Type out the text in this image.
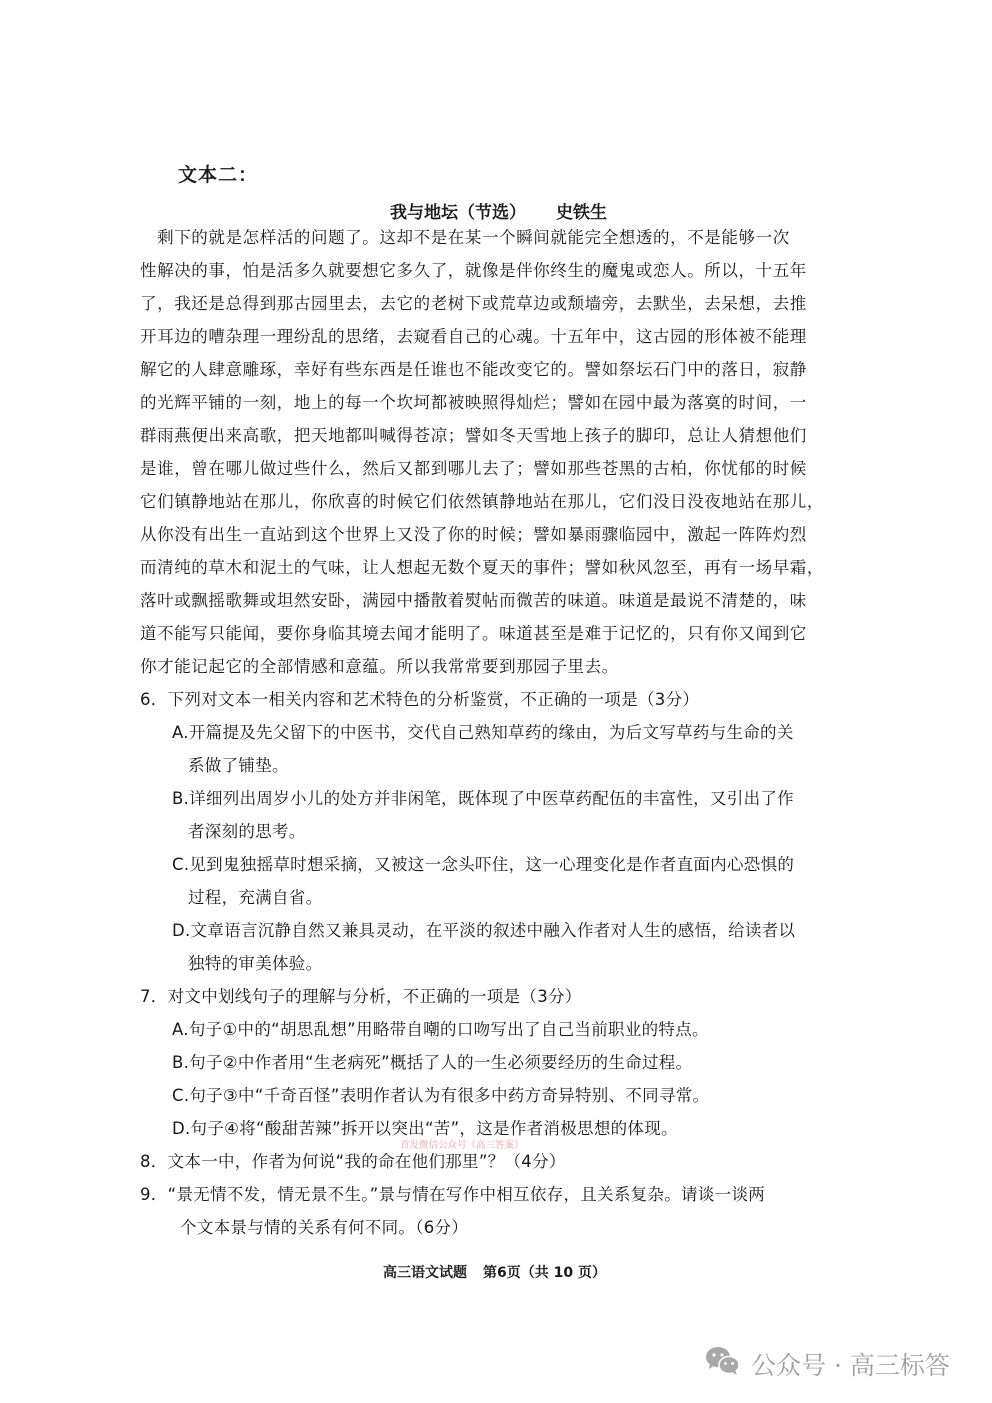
文本二：
我与地坛（节选） 史铁生
　剩下的就是怎样活的问题了。这却不是在某一个瞬间就能完全想透的，不是能够一次
性解决的事，怕是活多久就要想它多久了，就像是伴你终生的魔鬼或恋人。所以，十五年
了，我还是总得到那古园里去，去它的老树下或荒草边或颓墙旁，去默坐，去呆想，去推
开耳边的嘈杂理一理纷乱的思绪，去窥看自己的心魂。十五年中，这古园的形体被不能理
解它的人肆意雕琢，幸好有些东西是任谁也不能改变它的。譬如祭坛石门中的落日，寂静
的光辉平铺的一刻，地上的每一个坎坷都被映照得灿烂；譬如在园中最为落寞的时间，一
群雨燕便出来高歌，把天地都叫喊得苍凉；譬如冬天雪地上孩子的脚印，总让人猜想他们
是谁，曾在哪儿做过些什么，然后又都到哪儿去了；譬如那些苍黑的古柏，你忧郁的时候
它们镇静地站在那儿，你欣喜的时候它们依然镇静地站在那儿，它们没日没夜地站在那儿，
从你没有出生一直站到这个世界上又没了你的时候；譬如暴雨骤临园中，激起一阵阵灼烈
而清纯的草木和泥土的气味，让人想起无数个夏天的事件；譬如秋风忽至，再有一场早霜，
落叶或飘摇歌舞或坦然安卧，满园中播散着熨帖而微苦的味道。味道是最说不清楚的，味
道不能写只能闻，要你身临其境去闻才能明了。味道甚至是难于记忆的，只有你又闻到它
你才能记起它的全部情感和意蕴。所以我常常要到那园子里去。
6．下列对文本一相关内容和艺术特色的分析鉴赏，不正确的一项是（3分）
A.开篇提及先父留下的中医书，交代自己熟知草药的缘由，为后文写草药与生命的关
系做了铺垫。
B.详细列出周岁小儿的处方并非闲笔，既体现了中医草药配伍的丰富性，又引出了作
者深刻的思考。
C.见到鬼独摇草时想采摘，又被这一念头吓住，这一心理变化是作者直面内心恐惧的
过程，充满自省。
D.文章语言沉静自然又兼具灵动，在平淡的叙述中融入作者对人生的感悟，给读者以
独特的审美体验。
7．对文中划线句子的理解与分析，不正确的一项是（3分）
A.句子①中的“胡思乱想”用略带自嘲的口吻写出了自己当前职业的特点。
B.句子②中作者用“生老病死”概括了人的一生必须要经历的生命过程。
C.句子③中“千奇百怪”表明作者认为有很多中药方奇异特别、不同寻常。
D.句子④将“酸甜苦辣”拆开以突出“苦”，这是作者消极思想的体现。
首发微信公众号《高三答案》
8．文本一中，作者为何说“我的命在他们那里”？（4分）
9．“景无情不发，情无景不生。”景与情在写作中相互依存，且关系复杂。请谈一谈两
个文本景与情的关系有何不同。（6分）
高三语文试题 第6页（共 10 页）
公众号 · 高三标答
